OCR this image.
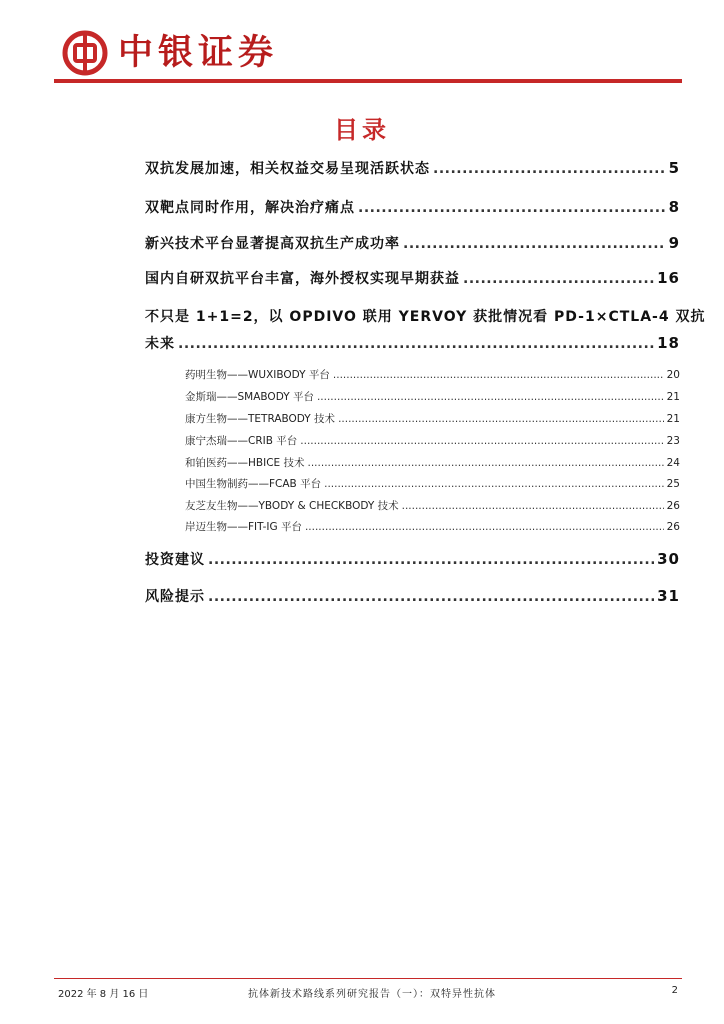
中银证券
目录
双抗发展加速，相关权益交易呈现活跃状态 .....	5
双靶点同时作用，解决治疗痛点 .....	8
新兴技术平台显著提高双抗生产成功率 .....	9
国内自研双抗平台丰富，海外授权实现早期获益 .....	16
不只是 1+1=2，以 OPDIVO 联用 YERVOY 获批情况看 PD-1×CTLA-4 双抗
未来 .....	18
药明生物——WUXIBODY 平台 .....	20
金斯瑞——SMABODY 平台 .....	21
康方生物——TETRABODY 技术 .....	21
康宁杰瑞——CRIB 平台 .....	23
和铂医药——HBICE 技术 .....	24
中国生物制药——FCAB 平台 .....	25
友芝友生物——YBODY & CHECKBODY 技术 .....	26
岸迈生物——FIT-IG 平台 .....	26
投资建议 .....	30
风险提示 .....	31
2022 年 8 月 16 日	抗体新技术路线系列研究报告（一）：双特异性抗体	2
